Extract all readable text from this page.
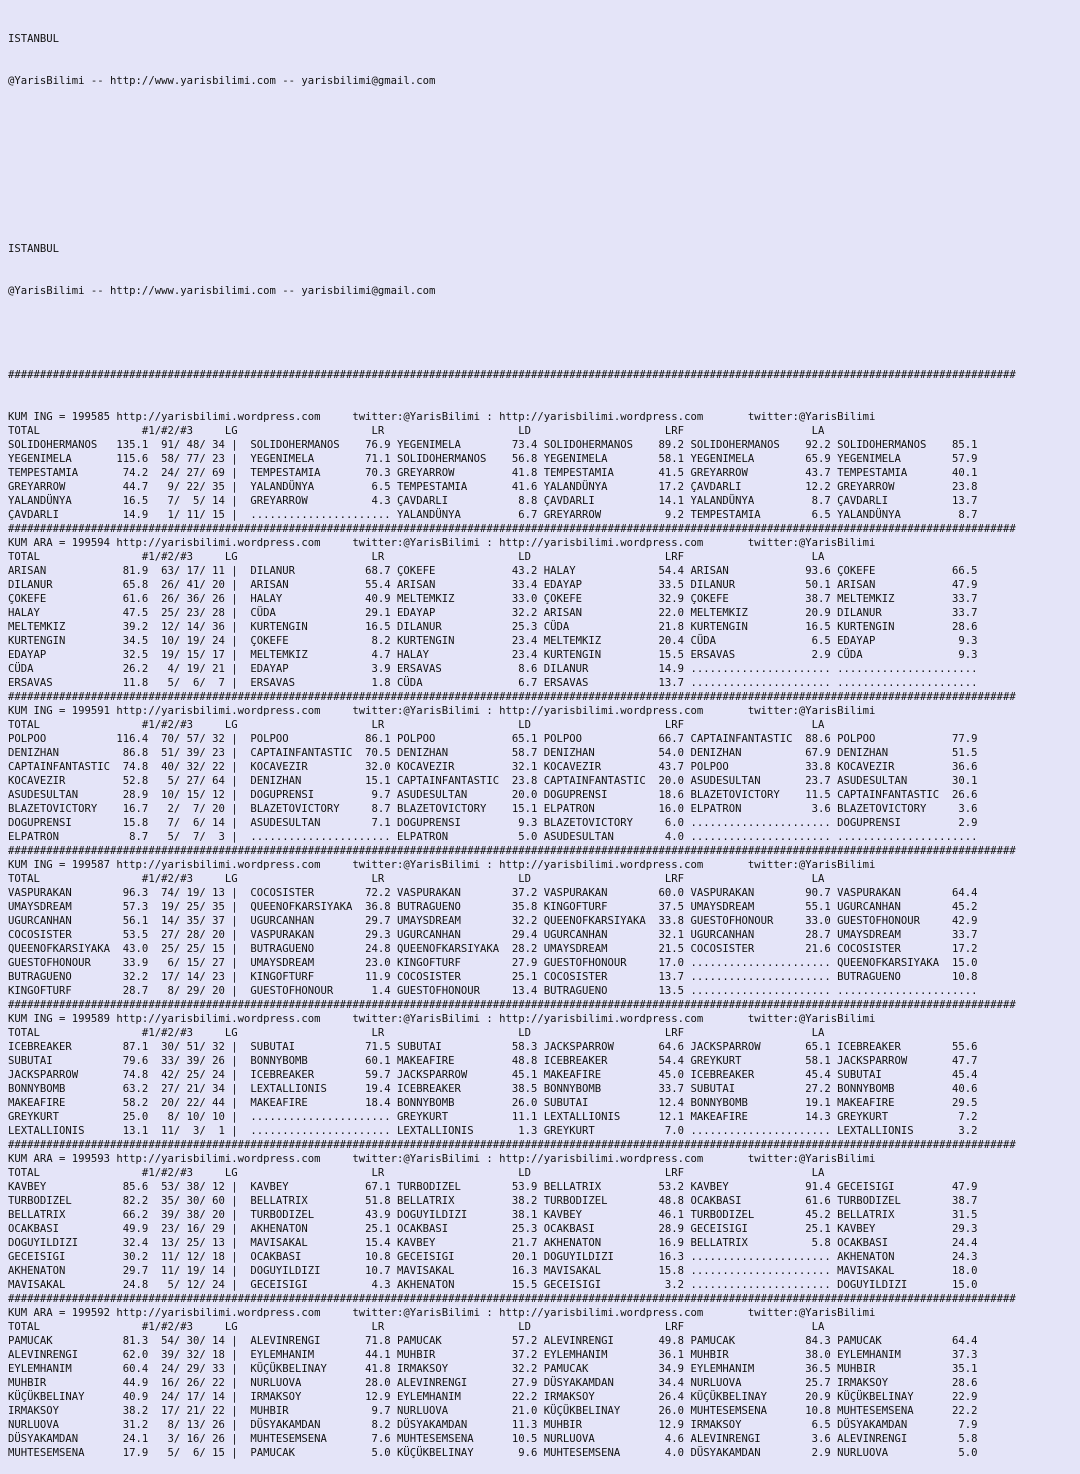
ISTANBUL

@YarisBilimi -- http://www.yarisbilimi.com -- yarisbilimi@gmail.com

ISTANBUL

@YarisBilimi -- http://www.yarisbilimi.com -- yarisbilimi@gmail.com

##############################################################################################################################################################

KUM ING = 199585 http://yarisbilimi.wordpress.com     twitter:@YarisBilimi : http://yarisbilimi.wordpress.com       twitter:@YarisBilimi
TOTAL                #1/#2/#3     LG                     LR                     LD                     LRF                    LA
SOLIDOHERMANOS   135.1  91/ 48/ 34 |  SOLIDOHERMANOS    76.9 YEGENIMELA        73.4 SOLIDOHERMANOS    89.2 SOLIDOHERMANOS    92.2 SOLIDOHERMANOS    85.1
YEGENIMELA       115.6  58/ 77/ 23 |  YEGENIMELA        71.1 SOLIDOHERMANOS    56.8 YEGENIMELA        58.1 YEGENIMELA        65.9 YEGENIMELA        57.9
TEMPESTAMIA       74.2  24/ 27/ 69 |  TEMPESTAMIA       70.3 GREYARROW         41.8 TEMPESTAMIA       41.5 GREYARROW         43.7 TEMPESTAMIA       40.1
GREYARROW         44.7   9/ 22/ 35 |  YALANDÜNYA         6.5 TEMPESTAMIA       41.6 YALANDÜNYA        17.2 ÇAVDARLI          12.2 GREYARROW         23.8
YALANDÜNYA        16.5   7/  5/ 14 |  GREYARROW          4.3 ÇAVDARLI           8.8 ÇAVDARLI          14.1 YALANDÜNYA         8.7 ÇAVDARLI          13.7
ÇAVDARLI          14.9   1/ 11/ 15 |  ...................... YALANDÜNYA         6.7 GREYARROW          9.2 TEMPESTAMIA        6.5 YALANDÜNYA         8.7
##############################################################################################################################################################
KUM ARA = 199594 http://yarisbilimi.wordpress.com     twitter:@YarisBilimi : http://yarisbilimi.wordpress.com       twitter:@YarisBilimi
TOTAL                #1/#2/#3     LG                     LR                     LD                     LRF                    LA
ARISAN            81.9  63/ 17/ 11 |  DILANUR           68.7 ÇOKEFE            43.2 HALAY             54.4 ARISAN            93.6 ÇOKEFE            66.5
DILANUR           65.8  26/ 41/ 20 |  ARISAN            55.4 ARISAN            33.4 EDAYAP            33.5 DILANUR           50.1 ARISAN            47.9
ÇOKEFE            61.6  26/ 36/ 26 |  HALAY             40.9 MELTEMKIZ         33.0 ÇOKEFE            32.9 ÇOKEFE            38.7 MELTEMKIZ         33.7
HALAY             47.5  25/ 23/ 28 |  CÜDA              29.1 EDAYAP            32.2 ARISAN            22.0 MELTEMKIZ         20.9 DILANUR           33.7
MELTEMKIZ         39.2  12/ 14/ 36 |  KURTENGIN         16.5 DILANUR           25.3 CÜDA              21.8 KURTENGIN         16.5 KURTENGIN         28.6
KURTENGIN         34.5  10/ 19/ 24 |  ÇOKEFE             8.2 KURTENGIN         23.4 MELTEMKIZ         20.4 CÜDA               6.5 EDAYAP             9.3
EDAYAP            32.5  19/ 15/ 17 |  MELTEMKIZ          4.7 HALAY             23.4 KURTENGIN         15.5 ERSAVAS            2.9 CÜDA               9.3
CÜDA              26.2   4/ 19/ 21 |  EDAYAP             3.9 ERSAVAS            8.6 DILANUR           14.9 ...................... ......................
ERSAVAS           11.8   5/  6/  7 |  ERSAVAS            1.8 CÜDA               6.7 ERSAVAS           13.7 ...................... ......................
##############################################################################################################################################################
KUM ING = 199591 http://yarisbilimi.wordpress.com     twitter:@YarisBilimi : http://yarisbilimi.wordpress.com       twitter:@YarisBilimi
TOTAL                #1/#2/#3     LG                     LR                     LD                     LRF                    LA
POLPOO           116.4  70/ 57/ 32 |  POLPOO            86.1 POLPOO            65.1 POLPOO            66.7 CAPTAINFANTASTIC  88.6 POLPOO            77.9
DENIZHAN          86.8  51/ 39/ 23 |  CAPTAINFANTASTIC  70.5 DENIZHAN          58.7 DENIZHAN          54.0 DENIZHAN          67.9 DENIZHAN          51.5
CAPTAINFANTASTIC  74.8  40/ 32/ 22 |  KOCAVEZIR         32.0 KOCAVEZIR         32.1 KOCAVEZIR         43.7 POLPOO            33.8 KOCAVEZIR         36.6
KOCAVEZIR         52.8   5/ 27/ 64 |  DENIZHAN          15.1 CAPTAINFANTASTIC  23.8 CAPTAINFANTASTIC  20.0 ASUDESULTAN       23.7 ASUDESULTAN       30.1
ASUDESULTAN       28.9  10/ 15/ 12 |  DOGUPRENSI         9.7 ASUDESULTAN       20.0 DOGUPRENSI        18.6 BLAZETOVICTORY    11.5 CAPTAINFANTASTIC  26.6
BLAZETOVICTORY    16.7   2/  7/ 20 |  BLAZETOVICTORY     8.7 BLAZETOVICTORY    15.1 ELPATRON          16.0 ELPATRON           3.6 BLAZETOVICTORY     3.6
DOGUPRENSI        15.8   7/  6/ 14 |  ASUDESULTAN        7.1 DOGUPRENSI         9.3 BLAZETOVICTORY     6.0 ...................... DOGUPRENSI         2.9
ELPATRON           8.7   5/  7/  3 |  ...................... ELPATRON           5.0 ASUDESULTAN        4.0 ...................... ......................
##############################################################################################################################################################
KUM ING = 199587 http://yarisbilimi.wordpress.com     twitter:@YarisBilimi : http://yarisbilimi.wordpress.com       twitter:@YarisBilimi
TOTAL                #1/#2/#3     LG                     LR                     LD                     LRF                    LA
VASPURAKAN        96.3  74/ 19/ 13 |  COCOSISTER        72.2 VASPURAKAN        37.2 VASPURAKAN        60.0 VASPURAKAN        90.7 VASPURAKAN        64.4
UMAYSDREAM        57.3  19/ 25/ 35 |  QUEENOFKARSIYAKA  36.8 BUTRAGUENO        35.8 KINGOFTURF        37.5 UMAYSDREAM        55.1 UGURCANHAN        45.2
UGURCANHAN        56.1  14/ 35/ 37 |  UGURCANHAN        29.7 UMAYSDREAM        32.2 QUEENOFKARSIYAKA  33.8 GUESTOFHONOUR     33.0 GUESTOFHONOUR     42.9
COCOSISTER        53.5  27/ 28/ 20 |  VASPURAKAN        29.3 UGURCANHAN        29.4 UGURCANHAN        32.1 UGURCANHAN        28.7 UMAYSDREAM        33.7
QUEENOFKARSIYAKA  43.0  25/ 25/ 15 |  BUTRAGUENO        24.8 QUEENOFKARSIYAKA  28.2 UMAYSDREAM        21.5 COCOSISTER        21.6 COCOSISTER        17.2
GUESTOFHONOUR     33.9   6/ 15/ 27 |  UMAYSDREAM        23.0 KINGOFTURF        27.9 GUESTOFHONOUR     17.0 ...................... QUEENOFKARSIYAKA  15.0
BUTRAGUENO        32.2  17/ 14/ 23 |  KINGOFTURF        11.9 COCOSISTER        25.1 COCOSISTER        13.7 ...................... BUTRAGUENO        10.8
KINGOFTURF        28.7   8/ 29/ 20 |  GUESTOFHONOUR      1.4 GUESTOFHONOUR     13.4 BUTRAGUENO        13.5 ...................... ......................
##############################################################################################################################################################
KUM ING = 199589 http://yarisbilimi.wordpress.com     twitter:@YarisBilimi : http://yarisbilimi.wordpress.com       twitter:@YarisBilimi
TOTAL                #1/#2/#3     LG                     LR                     LD                     LRF                    LA
ICEBREAKER        87.1  30/ 51/ 32 |  SUBUTAI           71.5 SUBUTAI           58.3 JACKSPARROW       64.6 JACKSPARROW       65.1 ICEBREAKER        55.6
SUBUTAI           79.6  33/ 39/ 26 |  BONNYBOMB         60.1 MAKEAFIRE         48.8 ICEBREAKER        54.4 GREYKURT          58.1 JACKSPARROW       47.7
JACKSPARROW       74.8  42/ 25/ 24 |  ICEBREAKER        59.7 JACKSPARROW       45.1 MAKEAFIRE         45.0 ICEBREAKER        45.4 SUBUTAI           45.4
BONNYBOMB         63.2  27/ 21/ 34 |  LEXTALLIONIS      19.4 ICEBREAKER        38.5 BONNYBOMB         33.7 SUBUTAI           27.2 BONNYBOMB         40.6
MAKEAFIRE         58.2  20/ 22/ 44 |  MAKEAFIRE         18.4 BONNYBOMB         26.0 SUBUTAI           12.4 BONNYBOMB         19.1 MAKEAFIRE         29.5
GREYKURT          25.0   8/ 10/ 10 |  ...................... GREYKURT          11.1 LEXTALLIONIS      12.1 MAKEAFIRE         14.3 GREYKURT           7.2
LEXTALLIONIS      13.1  11/  3/  1 |  ...................... LEXTALLIONIS       1.3 GREYKURT           7.0 ...................... LEXTALLIONIS       3.2
##############################################################################################################################################################
KUM ARA = 199593 http://yarisbilimi.wordpress.com     twitter:@YarisBilimi : http://yarisbilimi.wordpress.com       twitter:@YarisBilimi
TOTAL                #1/#2/#3     LG                     LR                     LD                     LRF                    LA
KAVBEY            85.6  53/ 38/ 12 |  KAVBEY            67.1 TURBODIZEL        53.9 BELLATRIX         53.2 KAVBEY            91.4 GECEISIGI         47.9
TURBODIZEL        82.2  35/ 30/ 60 |  BELLATRIX         51.8 BELLATRIX         38.2 TURBODIZEL        48.8 OCAKBASI          61.6 TURBODIZEL        38.7
BELLATRIX         66.2  39/ 38/ 20 |  TURBODIZEL        43.9 DOGUYILDIZI       38.1 KAVBEY            46.1 TURBODIZEL        45.2 BELLATRIX         31.5
OCAKBASI          49.9  23/ 16/ 29 |  AKHENATON         25.1 OCAKBASI          25.3 OCAKBASI          28.9 GECEISIGI         25.1 KAVBEY            29.3
DOGUYILDIZI       32.4  13/ 25/ 13 |  MAVISAKAL         15.4 KAVBEY            21.7 AKHENATON         16.9 BELLATRIX          5.8 OCAKBASI          24.4
GECEISIGI         30.2  11/ 12/ 18 |  OCAKBASI          10.8 GECEISIGI         20.1 DOGUYILDIZI       16.3 ...................... AKHENATON         24.3
AKHENATON         29.7  11/ 19/ 14 |  DOGUYILDIZI       10.7 MAVISAKAL         16.3 MAVISAKAL         15.8 ...................... MAVISAKAL         18.0
MAVISAKAL         24.8   5/ 12/ 24 |  GECEISIGI          4.3 AKHENATON         15.5 GECEISIGI          3.2 ...................... DOGUYILDIZI       15.0
##############################################################################################################################################################
KUM ARA = 199592 http://yarisbilimi.wordpress.com     twitter:@YarisBilimi : http://yarisbilimi.wordpress.com       twitter:@YarisBilimi
TOTAL                #1/#2/#3     LG                     LR                     LD                     LRF                    LA
PAMUCAK           81.3  54/ 30/ 14 |  ALEVINRENGI       71.8 PAMUCAK           57.2 ALEVINRENGI       49.8 PAMUCAK           84.3 PAMUCAK           64.4
ALEVINRENGI       62.0  39/ 32/ 18 |  EYLEMHANIM        44.1 MUHBIR            37.2 EYLEMHANIM        36.1 MUHBIR            38.0 EYLEMHANIM        37.3
EYLEMHANIM        60.4  24/ 29/ 33 |  KÜÇÜKBELINAY      41.8 IRMAKSOY          32.2 PAMUCAK           34.9 EYLEMHANIM        36.5 MUHBIR            35.1
MUHBIR            44.9  16/ 26/ 22 |  NURLUOVA          28.0 ALEVINRENGI       27.9 DÜSYAKAMDAN       34.4 NURLUOVA          25.7 IRMAKSOY          28.6
KÜÇÜKBELINAY      40.9  24/ 17/ 14 |  IRMAKSOY          12.9 EYLEMHANIM        22.2 IRMAKSOY          26.4 KÜÇÜKBELINAY      20.9 KÜÇÜKBELINAY      22.9
IRMAKSOY          38.2  17/ 21/ 22 |  MUHBIR             9.7 NURLUOVA          21.0 KÜÇÜKBELINAY      26.0 MUHTESEMSENA      10.8 MUHTESEMSENA      22.2
NURLUOVA          31.2   8/ 13/ 26 |  DÜSYAKAMDAN        8.2 DÜSYAKAMDAN       11.3 MUHBIR            12.9 IRMAKSOY           6.5 DÜSYAKAMDAN        7.9
DÜSYAKAMDAN       24.1   3/ 16/ 26 |  MUHTESEMSENA       7.6 MUHTESEMSENA      10.5 NURLUOVA           4.6 ALEVINRENGI        3.6 ALEVINRENGI        5.8
MUHTESEMSENA      17.9   5/  6/ 15 |  PAMUCAK            5.0 KÜÇÜKBELINAY       9.6 MUHTESEMSENA       4.0 DÜSYAKAMDAN        2.9 NURLUOVA           5.0
